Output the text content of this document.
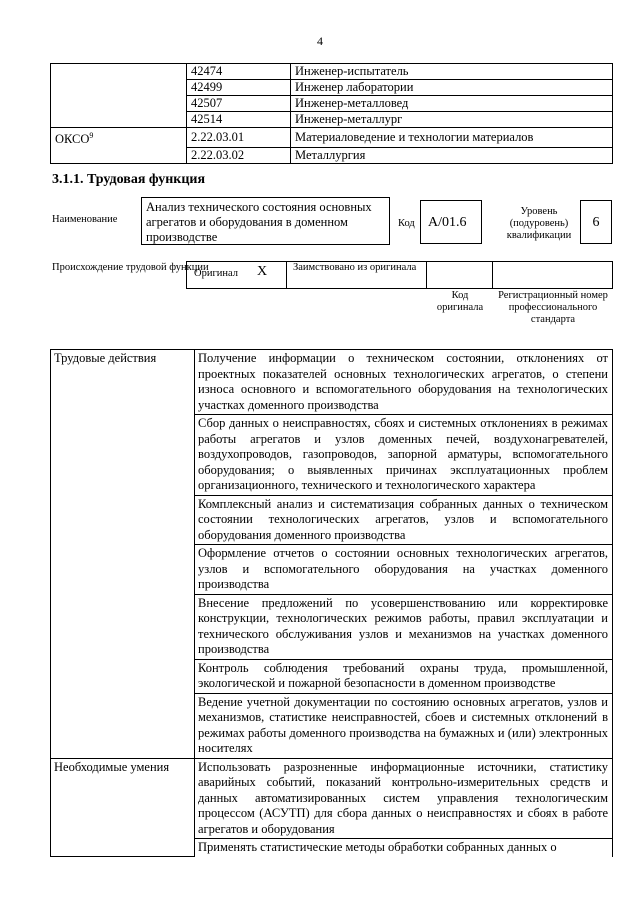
4
	42474	Инженер-испытатель
	42499	Инженер лаборатории
	42507	Инженер-металловед
	42514	Инженер-металлург
ОКСО$^9$	2.22.03.01	Материаловедение и технологии материалов
	2.22.03.02	Металлургия
3.1.1. Трудовая функция
Наименование
Анализ технического состояния основных агрегатов и оборудования в доменном производстве
Код А/01.6
Уровень (подуровень) квалификации
6
Происхождение трудовой функции
Оригинал X Заимствовано из оригинала
Код оригинала
Регистрационный номер профессионального стандарта
Трудовые действия	Получение информации о техническом состоянии, отклонениях от проектных показателей основных технологических агрегатов, о степени износа основного и вспомогательного оборудования на технологических участках доменного производства
	Сбор данных о неисправностях, сбоях и системных отклонениях в режимах работы агрегатов и узлов доменных печей, воздухонагревателей, воздухопроводов, газопроводов, запорной арматуры, вспомогательного оборудования; о выявленных причинах эксплуатационных проблем организационного, технического и технологического характера
	Комплексный анализ и систематизация собранных данных о техническом состоянии технологических агрегатов, узлов и вспомогательного оборудования доменного производства
	Оформление отчетов о состоянии основных технологических агрегатов, узлов и вспомогательного оборудования на участках доменного производства
	Внесение предложений по усовершенствованию или корректировке конструкции, технологических режимов работы, правил эксплуатации и технического обслуживания узлов и механизмов на участках доменного производства
	Контроль соблюдения требований охраны труда, промышленной, экологической и пожарной безопасности в доменном производстве
	Ведение учетной документации по состоянию основных агрегатов, узлов и механизмов, статистике неисправностей, сбоев и системных отклонений в режимах работы доменного производства на бумажных и (или) электронных носителях
Необходимые умения	Использовать разрозненные информационные источники, статистику аварийных событий, показаний контрольно-измерительных средств и данных автоматизированных систем управления технологическим процессом (АСУТП) для сбора данных о неисправностях и сбоях в работе агрегатов и оборудования
	Применять статистические методы обработки собранных данных о
